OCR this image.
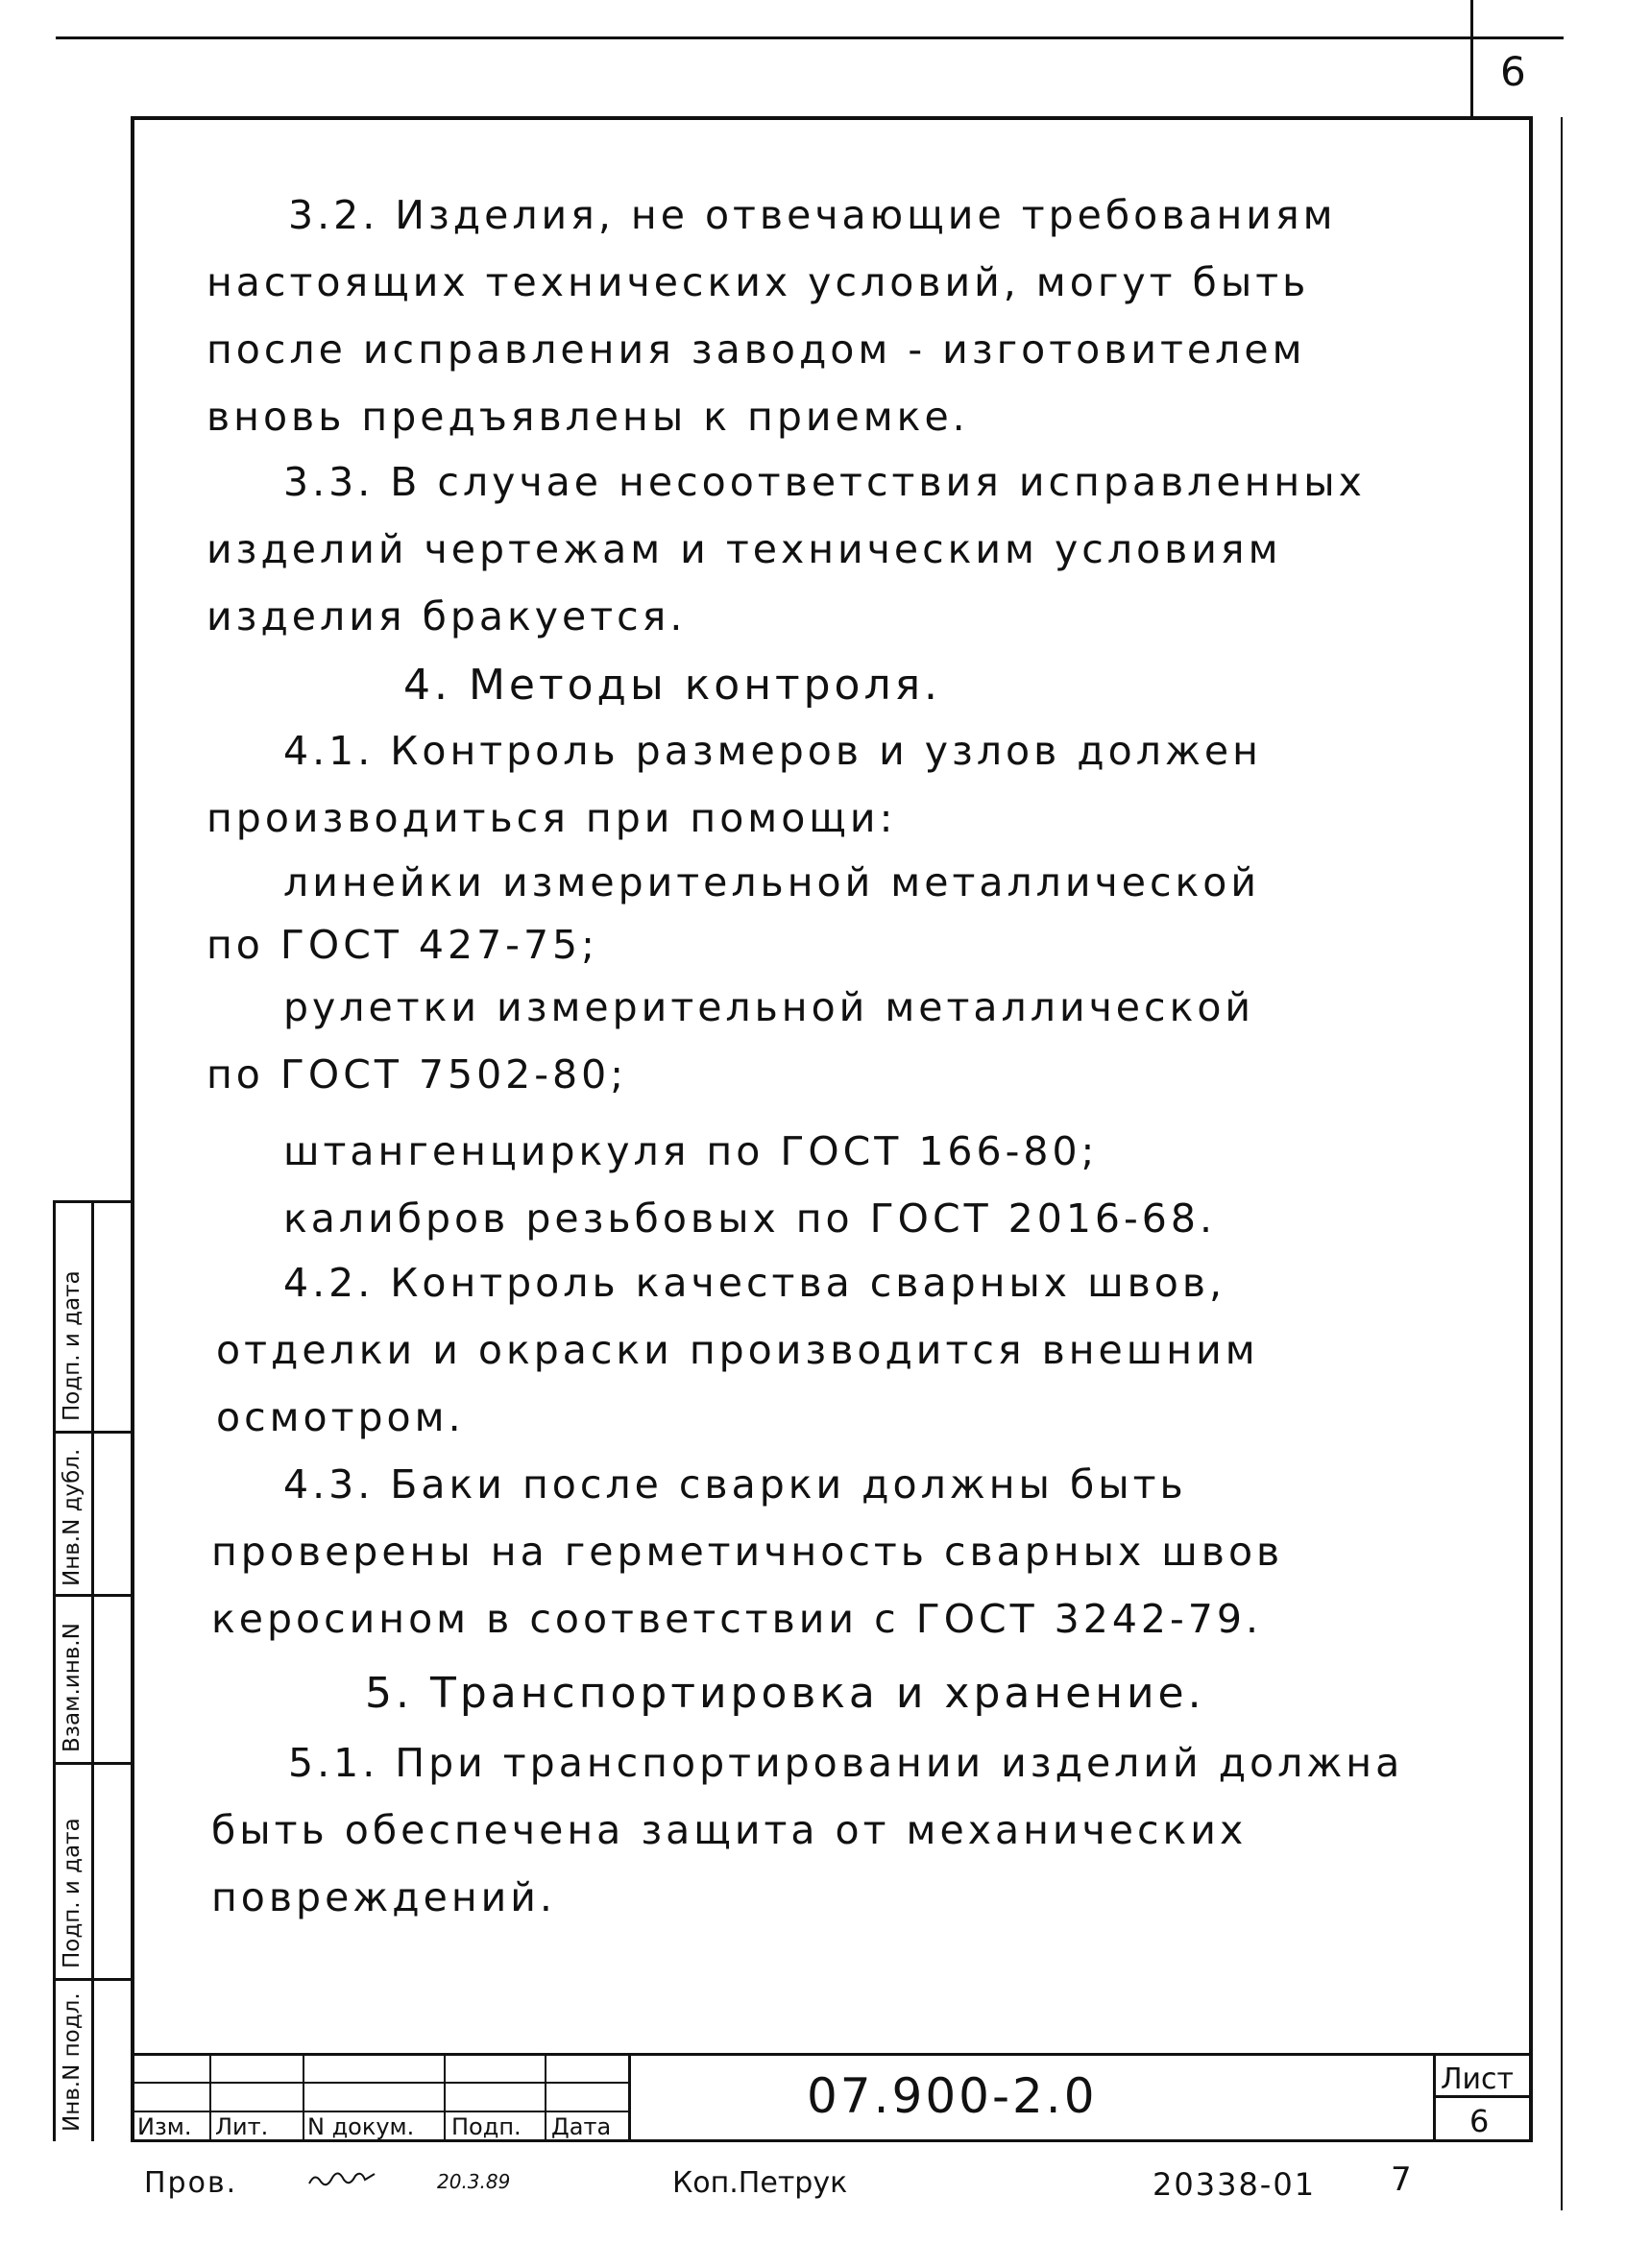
6
3.2. Изделия, не отвечающие требованиям
настоящих технических условий, могут быть
после исправления заводом - изготовителем
вновь предъявлены к приемке.
3.3. В случае несоответствия исправленных
изделий чертежам и техническим условиям
изделия бракуется.
4. Методы контроля.
4.1. Контроль размеров и узлов должен
производиться при помощи:
линейки измерительной металлической
по ГОСТ 427-75;
рулетки измерительной металлической
по ГОСТ 7502-80;
штангенциркуля по ГОСТ 166-80;
калибров резьбовых по ГОСТ 2016-68.
4.2. Контроль качества сварных швов,
отделки и окраски производится внешним
осмотром.
4.3. Баки после сварки должны быть
проверены на герметичность сварных швов
керосином в соответствии с ГОСТ 3242-79.
5. Транспортировка и хранение.
5.1. При транспортировании изделий должна
быть обеспечена защита от механических
повреждений.
Инв.N подл.
Подп. и дата
Взам.инв.N
Инв.N дубл.
Подп. и дата
Изм. Лит. N докум. Подп. Дата
07.900-2.0	Лист
6
Пров.	20.3.89	Коп.Петрук	20338-01 7
